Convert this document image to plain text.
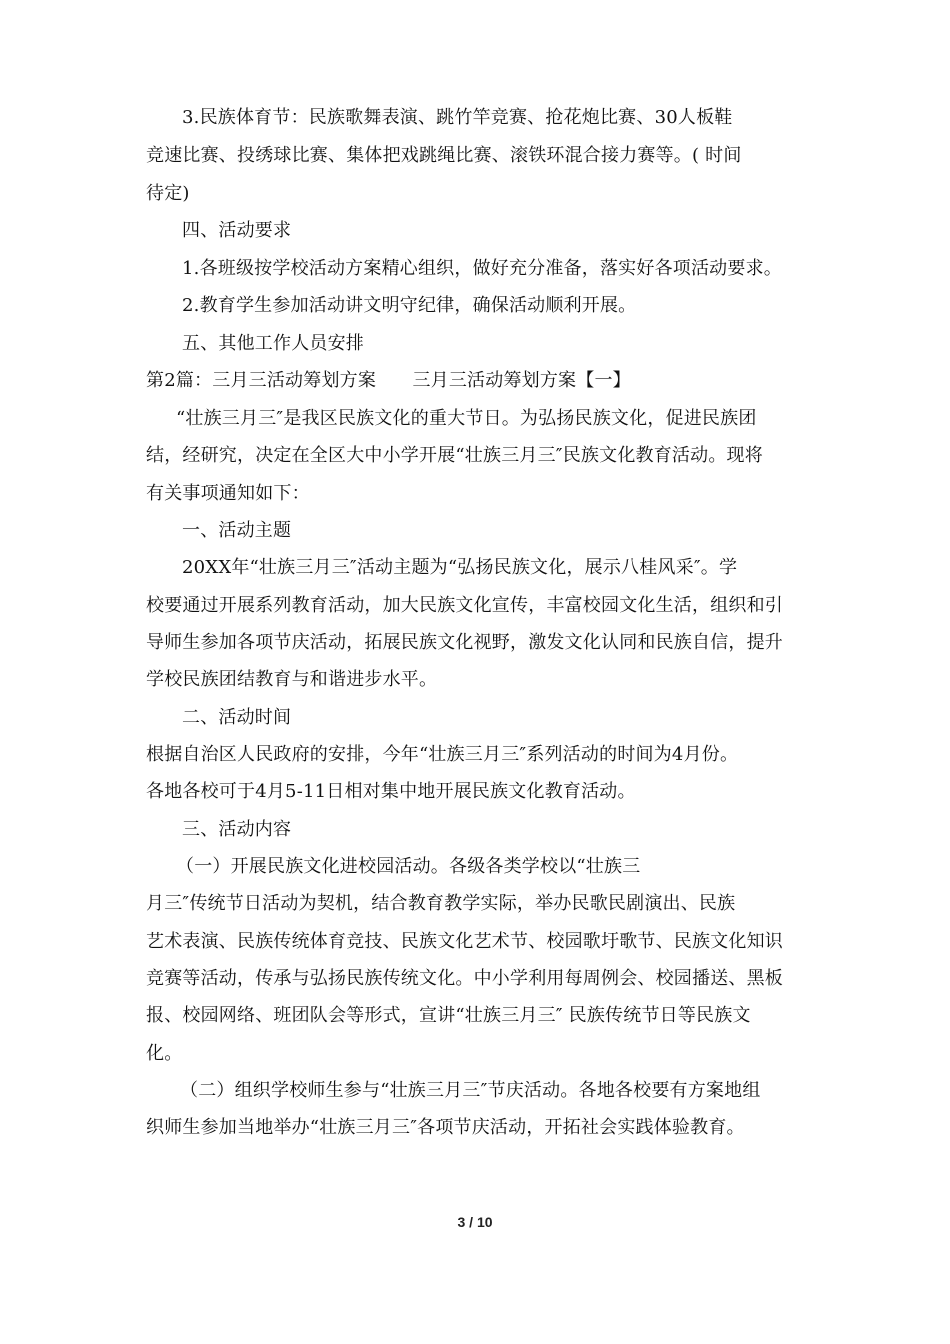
3.民族体育节：民族歌舞表演、跳竹竿竞赛、抢花炮比赛、30人板鞋
竞速比赛、投绣球比赛、集体把戏跳绳比赛、滚铁环混合接力赛等。( 时间
待定)
四、活动要求
1.各班级按学校活动方案精心组织，做好充分准备，落实好各项活动要求。
2.教育学生参加活动讲文明守纪律，确保活动顺利开展。
五、其他工作人员安排
第2篇：三月三活动筹划方案　　三月三活动筹划方案【一】
“壮族三月三″是我区民族文化的重大节日。为弘扬民族文化，促进民族团
结，经研究，决定在全区大中小学开展“壮族三月三″民族文化教育活动。现将
有关事项通知如下：
一、活动主题
20XX年“壮族三月三″活动主题为“弘扬民族文化，展示八桂风采″。学
校要通过开展系列教育活动，加大民族文化宣传，丰富校园文化生活，组织和引
导师生参加各项节庆活动，拓展民族文化视野，激发文化认同和民族自信，提升
学校民族团结教育与和谐进步水平。
二、活动时间
根据自治区人民政府的安排，今年“壮族三月三″系列活动的时间为4月份。
各地各校可于4月5-11日相对集中地开展民族文化教育活动。
三、活动内容
（一）开展民族文化进校园活动。各级各类学校以“壮族三
月三″传统节日活动为契机，结合教育教学实际，举办民歌民剧演出、民族
艺术表演、民族传统体育竞技、民族文化艺术节、校园歌圩歌节、民族文化知识
竞赛等活动，传承与弘扬民族传统文化。中小学利用每周例会、校园播送、黑板
报、校园网络、班团队会等形式，宣讲“壮族三月三″ 民族传统节日等民族文
化。
（二）组织学校师生参与“壮族三月三″节庆活动。各地各校要有方案地组
织师生参加当地举办“壮族三月三″各项节庆活动，开拓社会实践体验教育。
3 / 10
